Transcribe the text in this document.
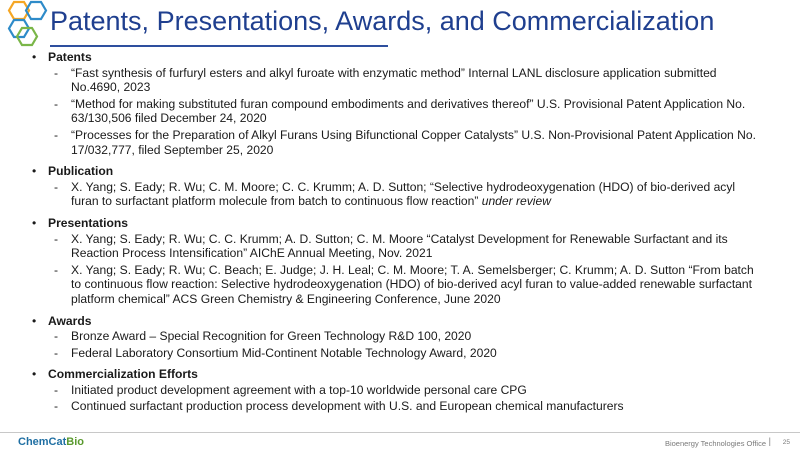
Patents, Presentations, Awards, and Commercialization
• Patents
-	“Fast synthesis of furfuryl esters and alkyl furoate with enzymatic method” Internal LANL disclosure application submitted No.4690, 2023
-	“Method for making substituted furan compound embodiments and derivatives thereof” U.S. Provisional Patent Application No. 63/130,506 filed December 24, 2020
-	“Processes for the Preparation of Alkyl Furans Using Bifunctional Copper Catalysts” U.S. Non-Provisional Patent Application No. 17/032,777, filed September 25, 2020
• Publication
-	X. Yang; S. Eady; R. Wu; C. M. Moore; C. C. Krumm; A. D. Sutton; “Selective hydrodeoxygenation (HDO) of bio-derived acyl furan to surfactant platform molecule from batch to continuous flow reaction” under review
• Presentations
-	X. Yang; S. Eady; R. Wu; C. C. Krumm; A. D. Sutton; C. M. Moore “Catalyst Development for Renewable Surfactant and its Reaction Process Intensification” AIChE Annual Meeting, Nov. 2021
-	X. Yang; S. Eady; R. Wu; C. Beach; E. Judge; J. H. Leal; C. M. Moore; T. A. Semelsberger; C. Krumm; A. D. Sutton “From batch to continuous flow reaction: Selective hydrodeoxygenation (HDO) of bio-derived acyl furan to value-added renewable surfactant platform chemical” ACS Green Chemistry & Engineering Conference, June 2020
• Awards
-	Bronze Award – Special Recognition for Green Technology R&D 100, 2020
-	Federal Laboratory Consortium Mid-Continent Notable Technology Award, 2020
• Commercialization Efforts
-	Initiated product development agreement with a top-10 worldwide personal care CPG
-	Continued surfactant production process development with U.S. and European chemical manufacturers
ChemCatBio	Bioenergy Technologies Office | 25
